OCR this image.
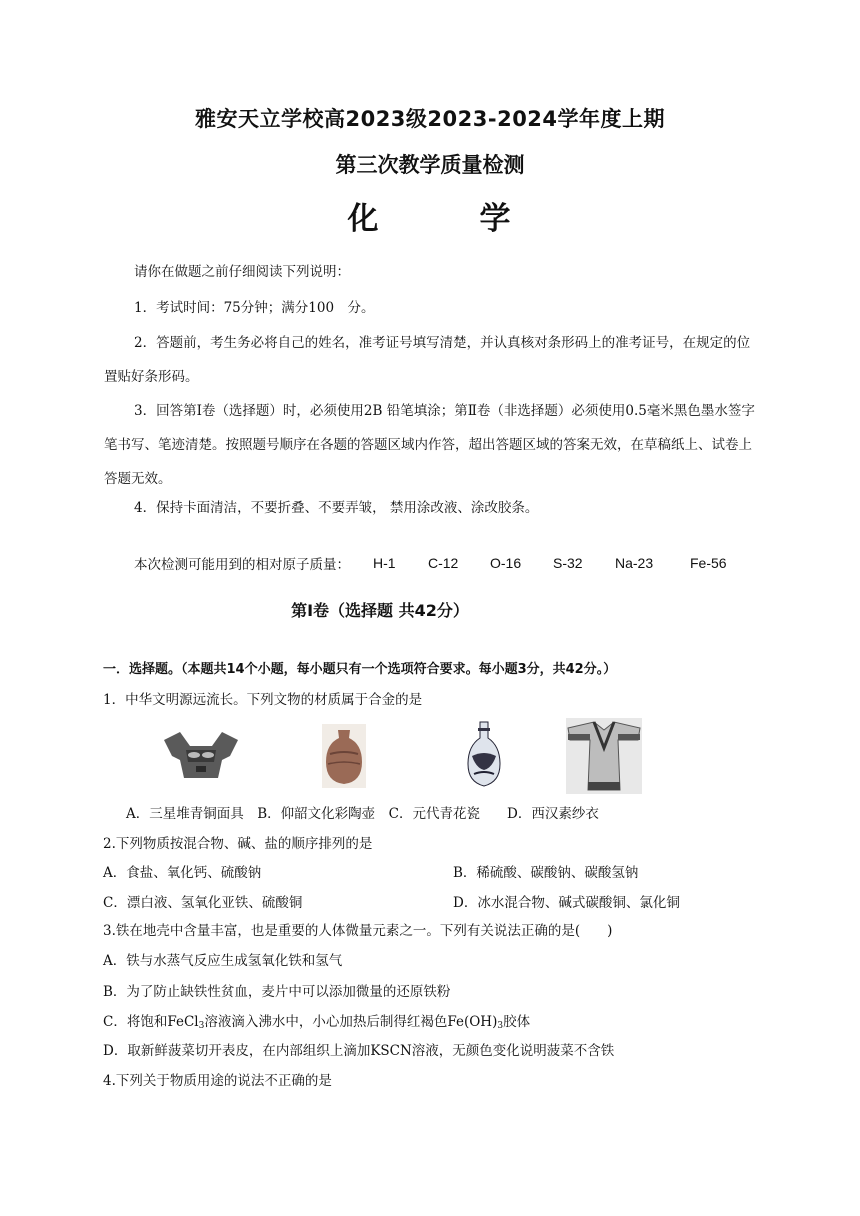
雅安天立学校高2023级2023-2024学年度上期
第三次教学质量检测
化　　　学
请你在做题之前仔细阅读下列说明：
1．考试时间：75分钟；满分100　分。
2．答题前，考生务必将自己的姓名，准考证号填写清楚，并认真核对条形码上的准考证号，在规定的位置贴好条形码。
3．回答第Ⅰ卷（选择题）时，必须使用2B 铅笔填涂；第Ⅱ卷（非选择题）必须使用0.5毫米黑色墨水签字笔书写、笔迹清楚。按照题号顺序在各题的答题区域内作答，超出答题区域的答案无效，在草稿纸上、试卷上答题无效。
4．保持卡面清洁，不要折叠、不要弄皱， 禁用涂改液、涂改胶条。
本次检测可能用到的相对原子质量： H-1 C-12 O-16 S-32 Na-23	Fe-56
第Ⅰ卷（选择题 共42分）
一．选择题。（本题共14个小题，每小题只有一个选项符合要求。每小题3分，共42分。）
1．中华文明源远流长。下列文物的材质属于合金的是
A．三星堆青铜面具　B．仰韶文化彩陶壶　C．元代青花瓷　　D．西汉素纱衣
2.下列物质按混合物、碱、盐的顺序排列的是
A．食盐、氧化钙、硫酸钠	B．稀硫酸、碳酸钠、碳酸氢钠
C．漂白液、氢氧化亚铁、硫酸铜	D．冰水混合物、碱式碳酸铜、氯化铜
3.铁在地壳中含量丰富，也是重要的人体微量元素之一。下列有关说法正确的是(　　)
A．铁与水蒸气反应生成氢氧化铁和氢气
B．为了防止缺铁性贫血，麦片中可以添加微量的还原铁粉
C．将饱和FeCl$_3$溶液滴入沸水中，小心加热后制得红褐色$Fe(OH)_3$胶体
D．取新鲜菠菜切开表皮，在内部组织上滴加KSCN溶液，无颜色变化说明菠菜不含铁
4.下列关于物质用途的说法不正确的是
